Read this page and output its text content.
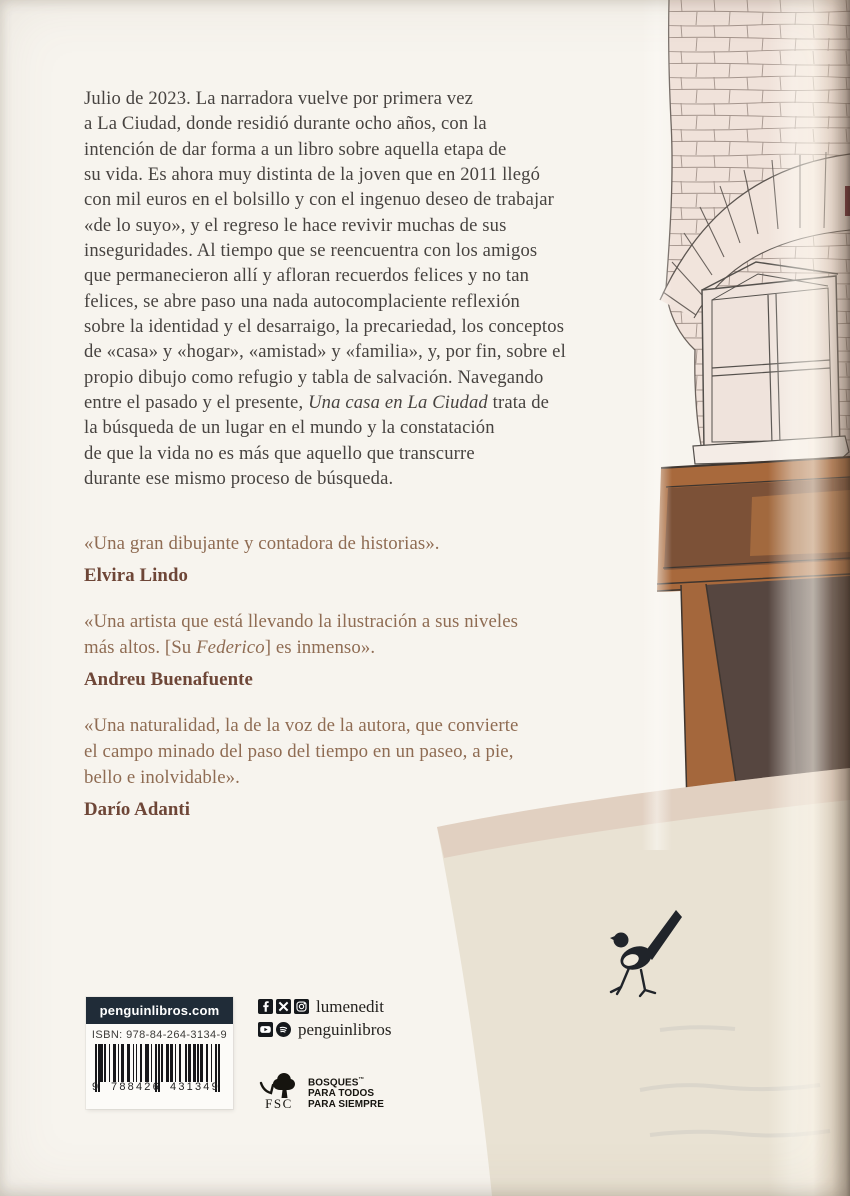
Julio de 2023. La narradora vuelve por primera vez
a La Ciudad, donde residió durante ocho años, con la
intención de dar forma a un libro sobre aquella etapa de
su vida. Es ahora muy distinta de la joven que en 2011 llegó
con mil euros en el bolsillo y con el ingenuo deseo de trabajar
«de lo suyo», y el regreso le hace revivir muchas de sus
inseguridades. Al tiempo que se reencuentra con los amigos
que permanecieron allí y afloran recuerdos felices y no tan
felices, se abre paso una nada autocomplaciente reflexión
sobre la identidad y el desarraigo, la precariedad, los conceptos
de «casa» y «hogar», «amistad» y «familia», y, por fin, sobre el
propio dibujo como refugio y tabla de salvación. Navegando
entre el pasado y el presente, Una casa en La Ciudad trata de
la búsqueda de un lugar en el mundo y la constatación
de que la vida no es más que aquello que transcurre
durante ese mismo proceso de búsqueda.
«Una gran dibujante y contadora de historias».
Elvira Lindo
«Una artista que está llevando la ilustración a sus niveles
más altos. [Su Federico] es inmenso».
Andreu Buenafuente
«Una naturalidad, la de la voz de la autora, que convierte
el campo minado del paso del tiempo en un paseo, a pie,
bello e inolvidable».
Darío Adanti
penguinlibros.com
ISBN: 978-84-264-3134-9
9 788426 431349
lumenedit
penguinlibros
FSC
BOSQUES™
PARA TODOS
PARA SIEMPRE
